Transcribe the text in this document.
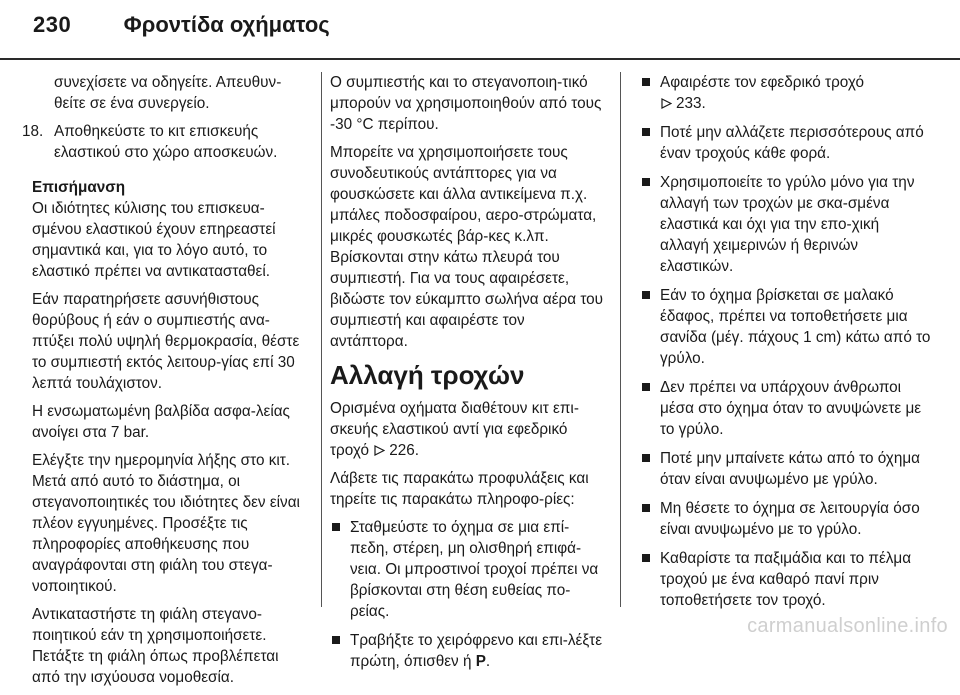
230 Φροντίδα οχήματος

συνεχίσετε να οδηγείτε. Απευθυν-θείτε σε ένα συνεργείο.

18. Αποθηκεύστε το κιτ επισκευής ελαστικού στο χώρο αποσκευών.

Επισήμανση

Οι ιδιότητες κύλισης του επισκευα-σμένου ελαστικού έχουν επηρεαστεί σημαντικά και, για το λόγο αυτό, το ελαστικό πρέπει να αντικατασταθεί.

Εάν παρατηρήσετε ασυνήθιστους θορύβους ή εάν ο συμπιεστής ανα-πτύξει πολύ υψηλή θερμοκρασία, θέστε το συμπιεστή εκτός λειτουρ-γίας επί 30 λεπτά τουλάχιστον.

Η ενσωματωμένη βαλβίδα ασφα-λείας ανοίγει στα 7 bar.

Ελέγξτε την ημερομηνία λήξης στο κιτ. Μετά από αυτό το διάστημα, οι στεγανοποιητικές του ιδιότητες δεν είναι πλέον εγγυημένες. Προσέξτε τις πληροφορίες αποθήκευσης που αναγράφονται στη φιάλη του στεγα-νοποιητικού.

Αντικαταστήστε τη φιάλη στεγανο-ποιητικού εάν τη χρησιμοποιήσετε. Πετάξτε τη φιάλη όπως προβλέπεται από την ισχύουσα νομοθεσία.

Ο συμπιεστής και το στεγανοποιη-τικό μπορούν να χρησιμοποιηθούν από τους -30 °C περίπου.

Μπορείτε να χρησιμοποιήσετε τους συνοδευτικούς αντάπτορες για να φουσκώσετε και άλλα αντικείμενα π.χ. μπάλες ποδοσφαίρου, αερο-στρώματα, μικρές φουσκωτές βάρ-κες κ.λπ. Βρίσκονται στην κάτω πλευρά του συμπιεστή. Για να τους αφαιρέσετε, βιδώστε τον εύκαμπτο σωλήνα αέρα του συμπιεστή και αφαιρέστε τον αντάπτορα.

Αλλαγή τροχών

Ορισμένα οχήματα διαθέτουν κιτ επι-σκευής ελαστικού αντί για εφεδρικό τροχό 226.

Λάβετε τις παρακάτω προφυλάξεις και τηρείτε τις παρακάτω πληροφο-ρίες:

Σταθμεύστε το όχημα σε μια επί-πεδη, στέρεη, μη ολισθηρή επιφά-νεια. Οι μπροστινοί τροχοί πρέπει να βρίσκονται στη θέση ευθείας πο-ρείας.
Τραβήξτε το χειρόφρενο και επι-λέξτε πρώτη, όπισθεν ή P.
Αφαιρέστε τον εφεδρικό τροχό
233.
Ποτέ μην αλλάζετε περισσότερους από έναν τροχούς κάθε φορά.
Χρησιμοποιείτε το γρύλο μόνο για την αλλαγή των τροχών με σκα-σμένα ελαστικά και όχι για την επο-χική αλλαγή χειμερινών ή θερινών ελαστικών.
Εάν το όχημα βρίσκεται σε μαλακό έδαφος, πρέπει να τοποθετήσετε μια σανίδα (μέγ. πάχους 1 cm) κάτω από το γρύλο.
Δεν πρέπει να υπάρχουν άνθρωποι μέσα στο όχημα όταν το ανυψώνετε με το γρύλο.
Ποτέ μην μπαίνετε κάτω από το όχημα όταν είναι ανυψωμένο με γρύλο.
Μη θέσετε το όχημα σε λειτουργία όσο είναι ανυψωμένο με το γρύλο.
Καθαρίστε τα παξιμάδια και το πέλμα τροχού με ένα καθαρό πανί πριν τοποθετήσετε τον τροχό.
carmanualsonline.info
